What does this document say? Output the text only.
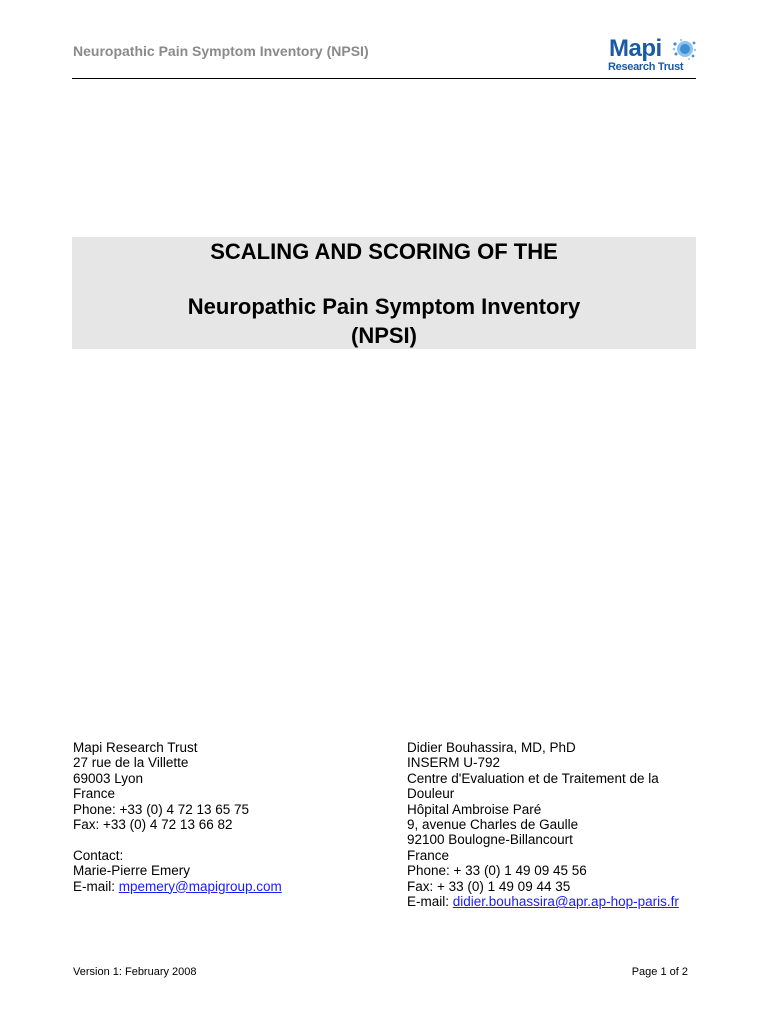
Neuropathic Pain Symptom Inventory (NPSI)	Mapi
Research Trust
SCALING AND SCORING OF THE
Neuropathic Pain Symptom Inventory
(NPSI)
Mapi Research Trust
27 rue de la Villette
69003 Lyon
France
Phone: +33 (0) 4 72 13 65 75
Fax: +33 (0) 4 72 13 66 82
Contact:
Marie-Pierre Emery
E-mail: mpemery@mapigroup.com
Didier Bouhassira, MD, PhD
INSERM U-792
Centre d'Evaluation et de Traitement de la
Douleur
Hôpital Ambroise Paré
9, avenue Charles de Gaulle
92100 Boulogne-Billancourt
France
Phone: + 33 (0) 1 49 09 45 56
Fax: + 33 (0) 1 49 09 44 35
E-mail: didier.bouhassira@apr.ap-hop-paris.fr
Version 1: February 2008	Page 1 of 2
